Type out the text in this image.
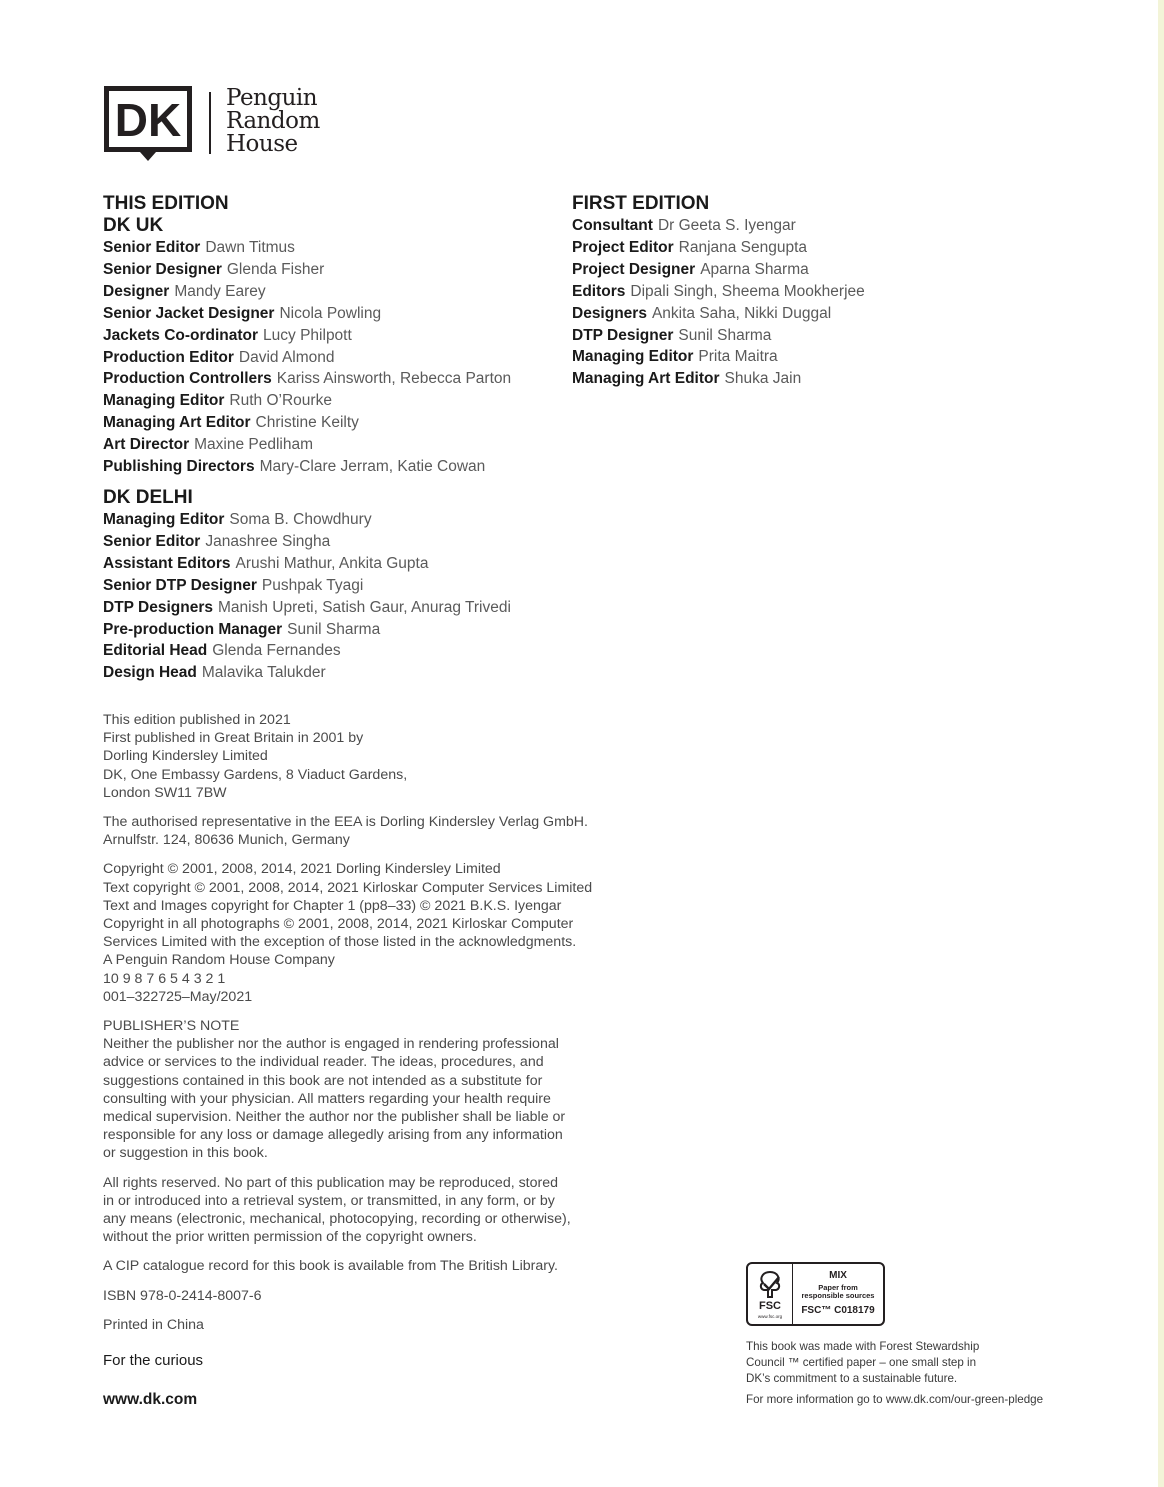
DK Penguin
Random
House
THIS EDITION
DK UK
Senior Editor Dawn Titmus
Senior Designer Glenda Fisher
Designer Mandy Earey
Senior Jacket Designer Nicola Powling
Jackets Co-ordinator Lucy Philpott
Production Editor David Almond
Production Controllers Kariss Ainsworth, Rebecca Parton
Managing Editor Ruth O’Rourke
Managing Art Editor Christine Keilty
Art Director Maxine Pedliham
Publishing Directors Mary-Clare Jerram, Katie Cowan
DK DELHI
Managing Editor Soma B. Chowdhury
Senior Editor Janashree Singha
Assistant Editors Arushi Mathur, Ankita Gupta
Senior DTP Designer Pushpak Tyagi
DTP Designers Manish Upreti, Satish Gaur, Anurag Trivedi
Pre-production Manager Sunil Sharma
Editorial Head Glenda Fernandes
Design Head Malavika Talukder
FIRST EDITION
Consultant Dr Geeta S. Iyengar
Project Editor Ranjana Sengupta
Project Designer Aparna Sharma
Editors Dipali Singh, Sheema Mookherjee
Designers Ankita Saha, Nikki Duggal
DTP Designer Sunil Sharma
Managing Editor Prita Maitra
Managing Art Editor Shuka Jain
This edition published in 2021
First published in Great Britain in 2001 by
Dorling Kindersley Limited
DK, One Embassy Gardens, 8 Viaduct Gardens,
London SW11 7BW
The authorised representative in the EEA is Dorling Kindersley Verlag GmbH.
Arnulfstr. 124, 80636 Munich, Germany
Copyright © 2001, 2008, 2014, 2021 Dorling Kindersley Limited
Text copyright © 2001, 2008, 2014, 2021 Kirloskar Computer Services Limited
Text and Images copyright for Chapter 1 (pp8–33) © 2021 B.K.S. Iyengar
Copyright in all photographs © 2001, 2008, 2014, 2021 Kirloskar Computer
Services Limited with the exception of those listed in the acknowledgments.
A Penguin Random House Company
10 9 8 7 6 5 4 3 2 1
001–322725–May/2021
PUBLISHER’S NOTE
Neither the publisher nor the author is engaged in rendering professional
advice or services to the individual reader. The ideas, procedures, and
suggestions contained in this book are not intended as a substitute for
consulting with your physician. All matters regarding your health require
medical supervision. Neither the author nor the publisher shall be liable or
responsible for any loss or damage allegedly arising from any information
or suggestion in this book.
All rights reserved. No part of this publication may be reproduced, stored
in or introduced into a retrieval system, or transmitted, in any form, or by
any means (electronic, mechanical, photocopying, recording or otherwise),
without the prior written permission of the copyright owners.

A CIP catalogue record for this book is available from The British Library.

ISBN 978-0-2414-8007-6

Printed in China

For the curious
www.dk.com
FSC
www.fsc.org
MIX
Paper from
responsible sources
FSC™ C018179
This book was made with Forest Stewardship
Council ™ certified paper – one small step in
DK’s commitment to a sustainable future.
For more information go to www.dk.com/our-green-pledge
